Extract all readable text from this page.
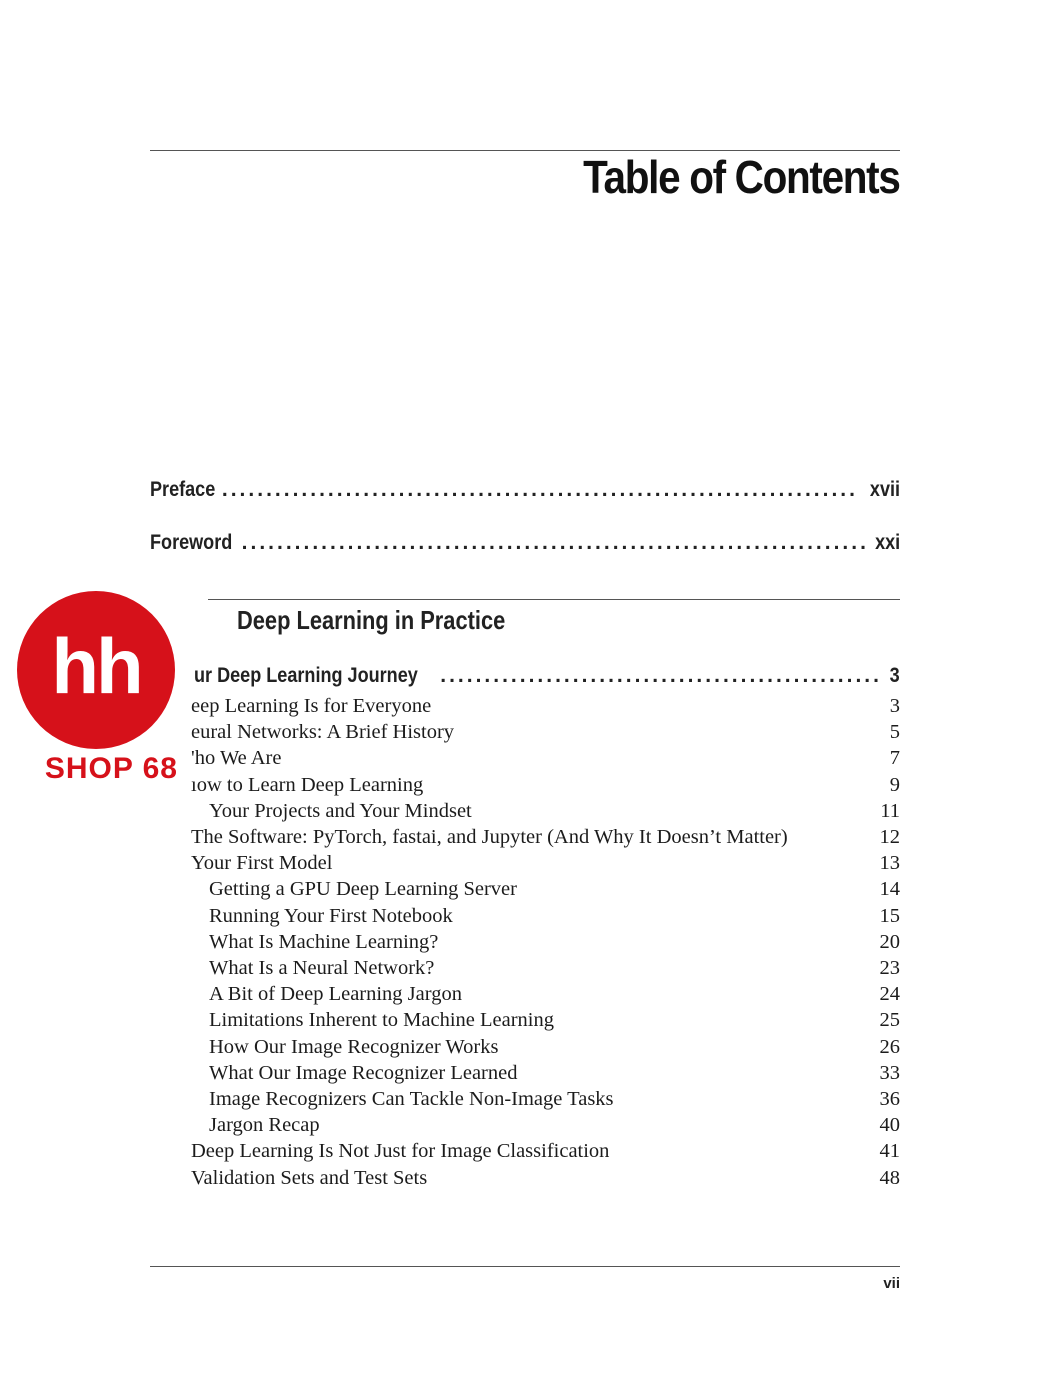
Table of Contents
Preface .....	xvii
Foreword .....	xxi
Deep Learning in Practice
ur Deep Learning Journey .....	3
eep Learning Is for Everyone	3
eural Networks: A Brief History	5
'ho We Are	7
ıow to Learn Deep Learning	9
Your Projects and Your Mindset	11
The Software: PyTorch, fastai, and Jupyter (And Why It Doesn’t Matter)	12
Your First Model	13
Getting a GPU Deep Learning Server	14
Running Your First Notebook	15
What Is Machine Learning?	20
What Is a Neural Network?	23
A Bit of Deep Learning Jargon	24
Limitations Inherent to Machine Learning	25
How Our Image Recognizer Works	26
What Our Image Recognizer Learned	33
Image Recognizers Can Tackle Non-Image Tasks	36
Jargon Recap	40
Deep Learning Is Not Just for Image Classification	41
Validation Sets and Test Sets	48
vii
hh
SHOP 68
